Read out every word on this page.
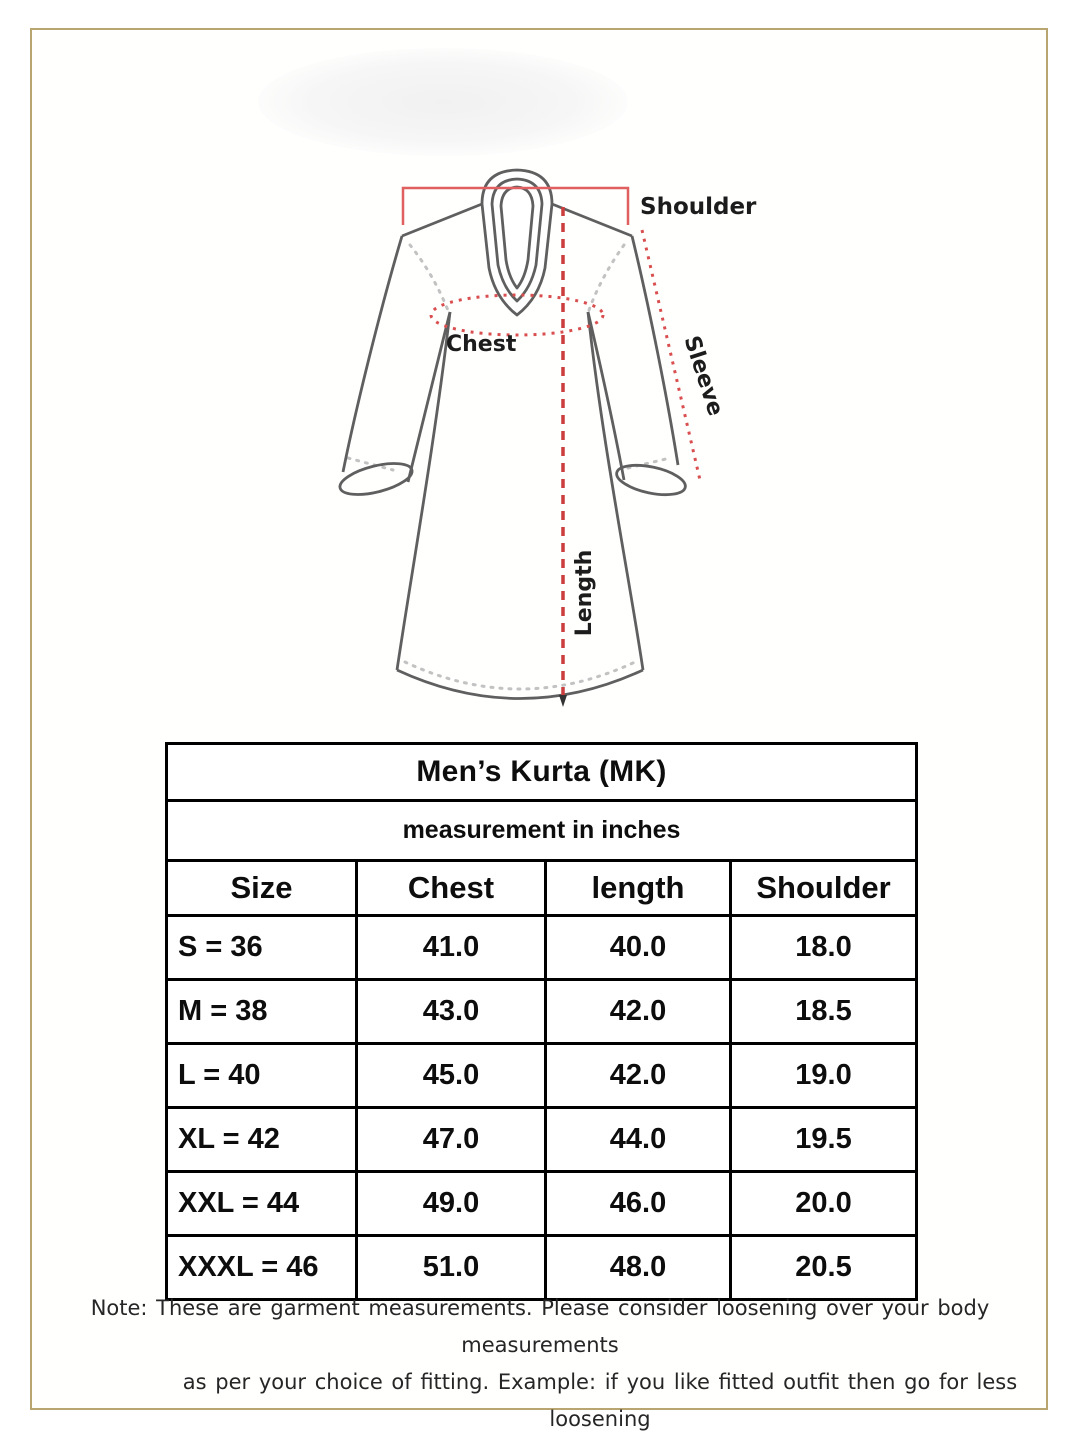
Shoulder
Chest	Sleeve
Length
Men’s Kurta (MK)			
measurement in inches			
Size	Chest	length	Shoulder
S = 36	41.0	40.0	18.0
M = 38	43.0	42.0	18.5
L = 40	45.0	42.0	19.0
XL = 42	47.0	44.0	19.5
XXL = 44	49.0	46.0	20.0
XXXL = 46	51.0	48.0	20.5
Note: These are garment measurements. Please consider loosening over your body measurements
as per your choice of fitting. Example: if you like fitted outfit then go for less loosening
